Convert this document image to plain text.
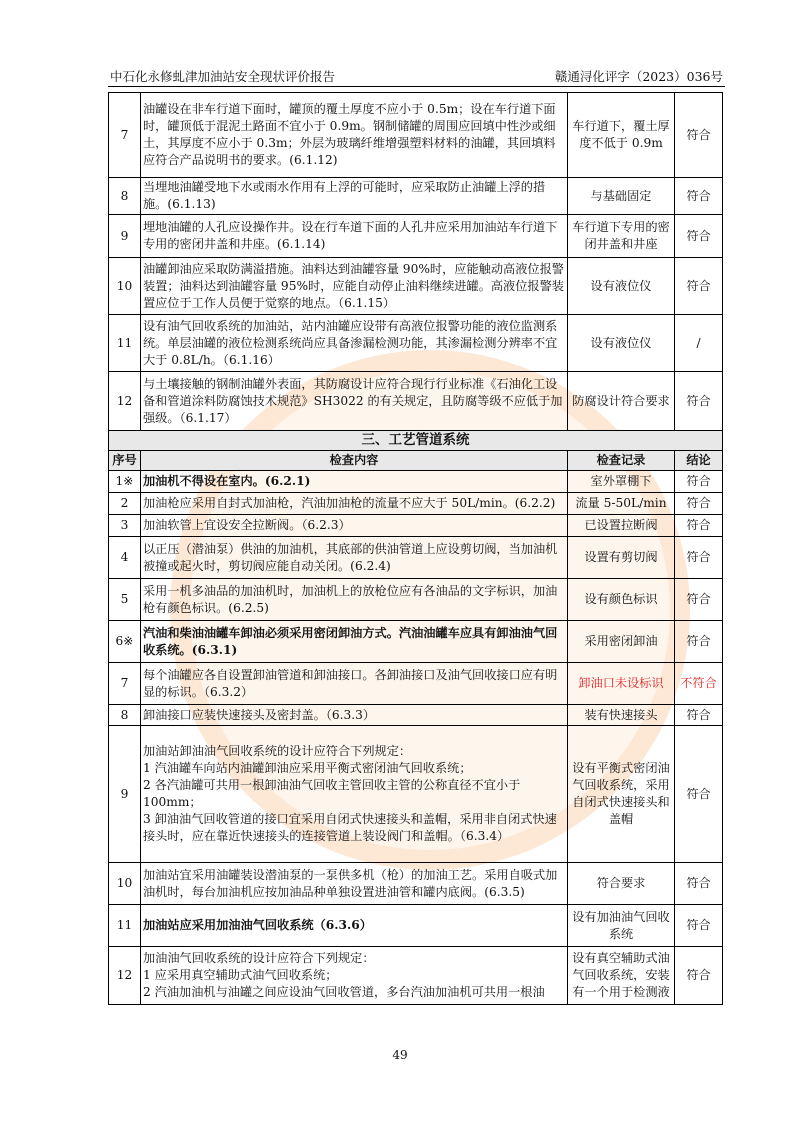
中石化永修虬津加油站安全现状评价报告	赣通浔化评字（2023）036号
7	油罐设在非车行道下面时，罐顶的覆土厚度不应小于 0.5m；设在车行道下面时，罐顶低于混泥土路面不宜小于 0.9m。钢制储罐的周围应回填中性沙或细土，其厚度不应小于 0.3m；外层为玻璃纤维增强塑料材料的油罐，其回填料应符合产品说明书的要求。(6.1.12)	车行道下，覆土厚度不低于 0.9m	符合
8	当埋地油罐受地下水或雨水作用有上浮的可能时，应采取防止油罐上浮的措施。(6.1.13)	与基础固定	符合
9	埋地油罐的人孔应设操作井。设在行车道下面的人孔井应采用加油站车行道下专用的密闭井盖和井座。(6.1.14)	车行道下专用的密闭井盖和井座	符合
10	油罐卸油应采取防满溢措施。油料达到油罐容量 90%时，应能触动高液位报警装置；油料达到油罐容量 95%时，应能自动停止油料继续进罐。高液位报警装置应位于工作人员便于觉察的地点。（6.1.15）	设有液位仪	符合
11	设有油气回收系统的加油站，站内油罐应设带有高液位报警功能的液位监测系统。单层油罐的液位检测系统尚应具备渗漏检测功能，其渗漏检测分辨率不宜大于 0.8L/h。（6.1.16）	设有液位仪	/
12	与土壤接触的钢制油罐外表面，其防腐设计应符合现行行业标准《石油化工设备和管道涂料防腐蚀技术规范》SH3022 的有关规定，且防腐等级不应低于加强级。（6.1.17）	防腐设计符合要求	符合
三、工艺管道系统			
序号	检查内容	检查记录	结论
1※	加油机不得设在室内。(6.2.1)	室外罩棚下	符合
2	加油枪应采用自封式加油枪，汽油加油枪的流量不应大于 50L/min。(6.2.2)	流量 5-50L/min	符合
3	加油软管上宜设安全拉断阀。（6.2.3）	已设置拉断阀	符合
4	以正压（潜油泵）供油的加油机，其底部的供油管道上应设剪切阀，当加油机被撞或起火时，剪切阀应能自动关闭。(6.2.4)	设置有剪切阀	符合
5	采用一机多油品的加油机时，加油机上的放枪位应有各油品的文字标识，加油枪有颜色标识。(6.2.5)	设有颜色标识	符合
6※	汽油和柴油油罐车卸油必须采用密闭卸油方式。汽油油罐车应具有卸油油气回收系统。(6.3.1)	采用密闭卸油	符合
7	每个油罐应各自设置卸油管道和卸油接口。各卸油接口及油气回收接口应有明显的标识。（6.3.2）	卸油口未设标识	不符合
8	卸油接口应装快速接头及密封盖。（6.3.3）	装有快速接头	符合
9	加油站卸油油气回收系统的设计应符合下列规定：
1 汽油罐车向站内油罐卸油应采用平衡式密闭油气回收系统；
2 各汽油罐可共用一根卸油油气回收主管回收主管的公称直径不宜小于 100mm；
3 卸油油气回收管道的接口宜采用自闭式快速接头和盖帽，采用非自闭式快速接头时，应在靠近快速接头的连接管道上装设阀门和盖帽。（6.3.4）	设有平衡式密闭油气回收系统，采用自闭式快速接头和盖帽	符合
10	加油站宜采用油罐装设潜油泵的一泵供多机（枪）的加油工艺。采用自吸式加油机时，每台加油机应按加油品种单独设置进油管和罐内底阀。(6.3.5)	符合要求	符合
11	加油站应采用加油油气回收系统（6.3.6）	设有加油油气回收系统	符合
12	加油油气回收系统的设计应符合下列规定：
1 应采用真空辅助式油气回收系统；
2 汽油加油机与油罐之间应设油气回收管道，多台汽油加油机可共用一根油	设有真空辅助式油气回收系统，安装有一个用于检测液	符合
49
